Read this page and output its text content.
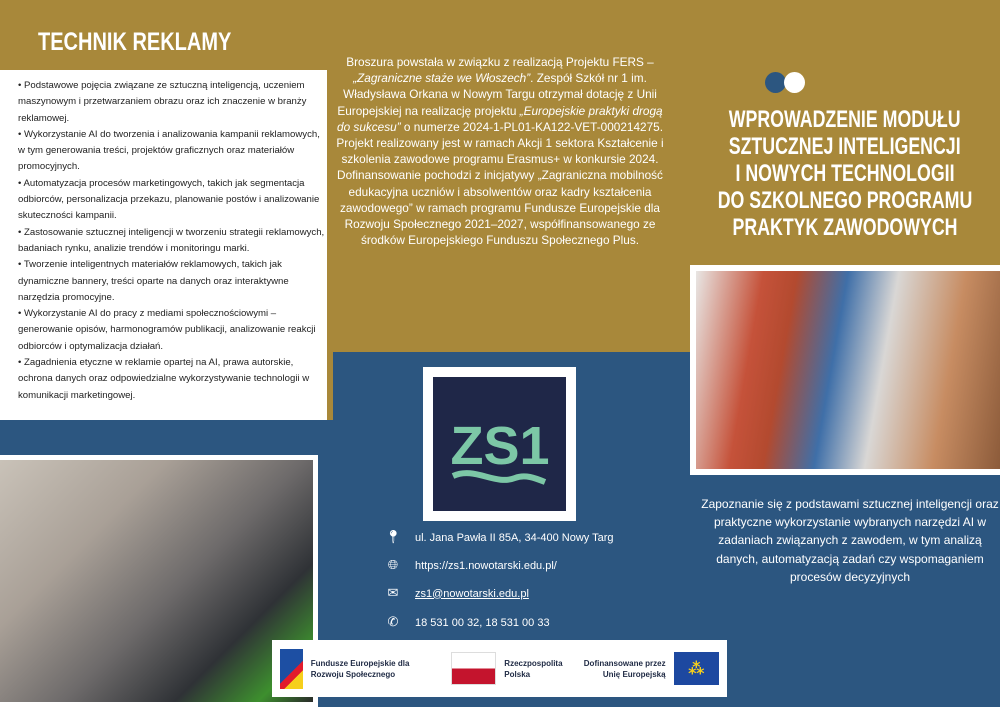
TECHNIK REKLAMY

• Podstawowe pojęcia związane ze sztuczną inteligencją, uczeniem maszynowym i przetwarzaniem obrazu oraz ich znaczenie w branży reklamowej.

• Wykorzystanie AI do tworzenia i analizowania kampanii reklamowych, w tym generowania treści, projektów graficznych oraz materiałów promocyjnych.

• Automatyzacja procesów marketingowych, takich jak segmentacja odbiorców, personalizacja przekazu, planowanie postów i analizowanie skuteczności kampanii.

• Zastosowanie sztucznej inteligencji w tworzeniu strategii reklamowych, badaniach rynku, analizie trendów i monitoringu marki.

• Tworzenie inteligentnych materiałów reklamowych, takich jak dynamiczne bannery, treści oparte na danych oraz interaktywne narzędzia promocyjne.

• Wykorzystanie AI do pracy z mediami społecznościowymi – generowanie opisów, harmonogramów publikacji, analizowanie reakcji odbiorców i optymalizacja działań.

• Zagadnienia etyczne w reklamie opartej na AI, prawa autorskie, ochrona danych oraz odpowiedzialne wykorzystywanie technologii w komunikacji marketingowej.

Broszura powstała w związku z realizacją Projektu FERS – „Zagraniczne staże we Włoszech”. Zespół Szkół nr 1 im. Władysława Orkana w Nowym Targu otrzymał dotację z Unii Europejskiej na realizację projektu „Europejskie praktyki drogą do sukcesu” o numerze 2024-1-PL01-KA122-VET-000214275. Projekt realizowany jest w ramach Akcji 1 sektora Kształcenie i szkolenia zawodowe programu Erasmus+ w konkursie 2024. Dofinansowanie pochodzi z inicjatywy „Zagraniczna mobilność edukacyjna uczniów i absolwentów oraz kadry kształcenia zawodowego” w ramach programu Fundusze Europejskie dla Rozwoju Społecznego 2021–2027, współfinansowanego ze środków Europejskiego Funduszu Społecznego Plus.
ZS1
📍︎ ul. Jana Pawła II 85A, 34-400 Nowy Targ
🌐︎ https://zs1.nowotarski.edu.pl/
✉ zs1@nowotarski.edu.pl
✆ 18 531 00 32, 18 531 00 33
Fundusze Europejskie dla Rozwoju Społecznego
Rzeczpospolita Polska
Dofinansowane przez Unię Europejską	⁂
WPROWADZENIE MODUŁU
SZTUCZNEJ INTELIGENCJI
I NOWYCH TECHNOLOGII
DO SZKOLNEGO PROGRAMU
PRAKTYK ZAWODOWYCH
Zapoznanie się z podstawami sztucznej inteligencji oraz praktyczne wykorzystanie wybranych narzędzi AI w zadaniach związanych z zawodem, w tym analizą danych, automatyzacją zadań czy wspomaganiem procesów decyzyjnych
